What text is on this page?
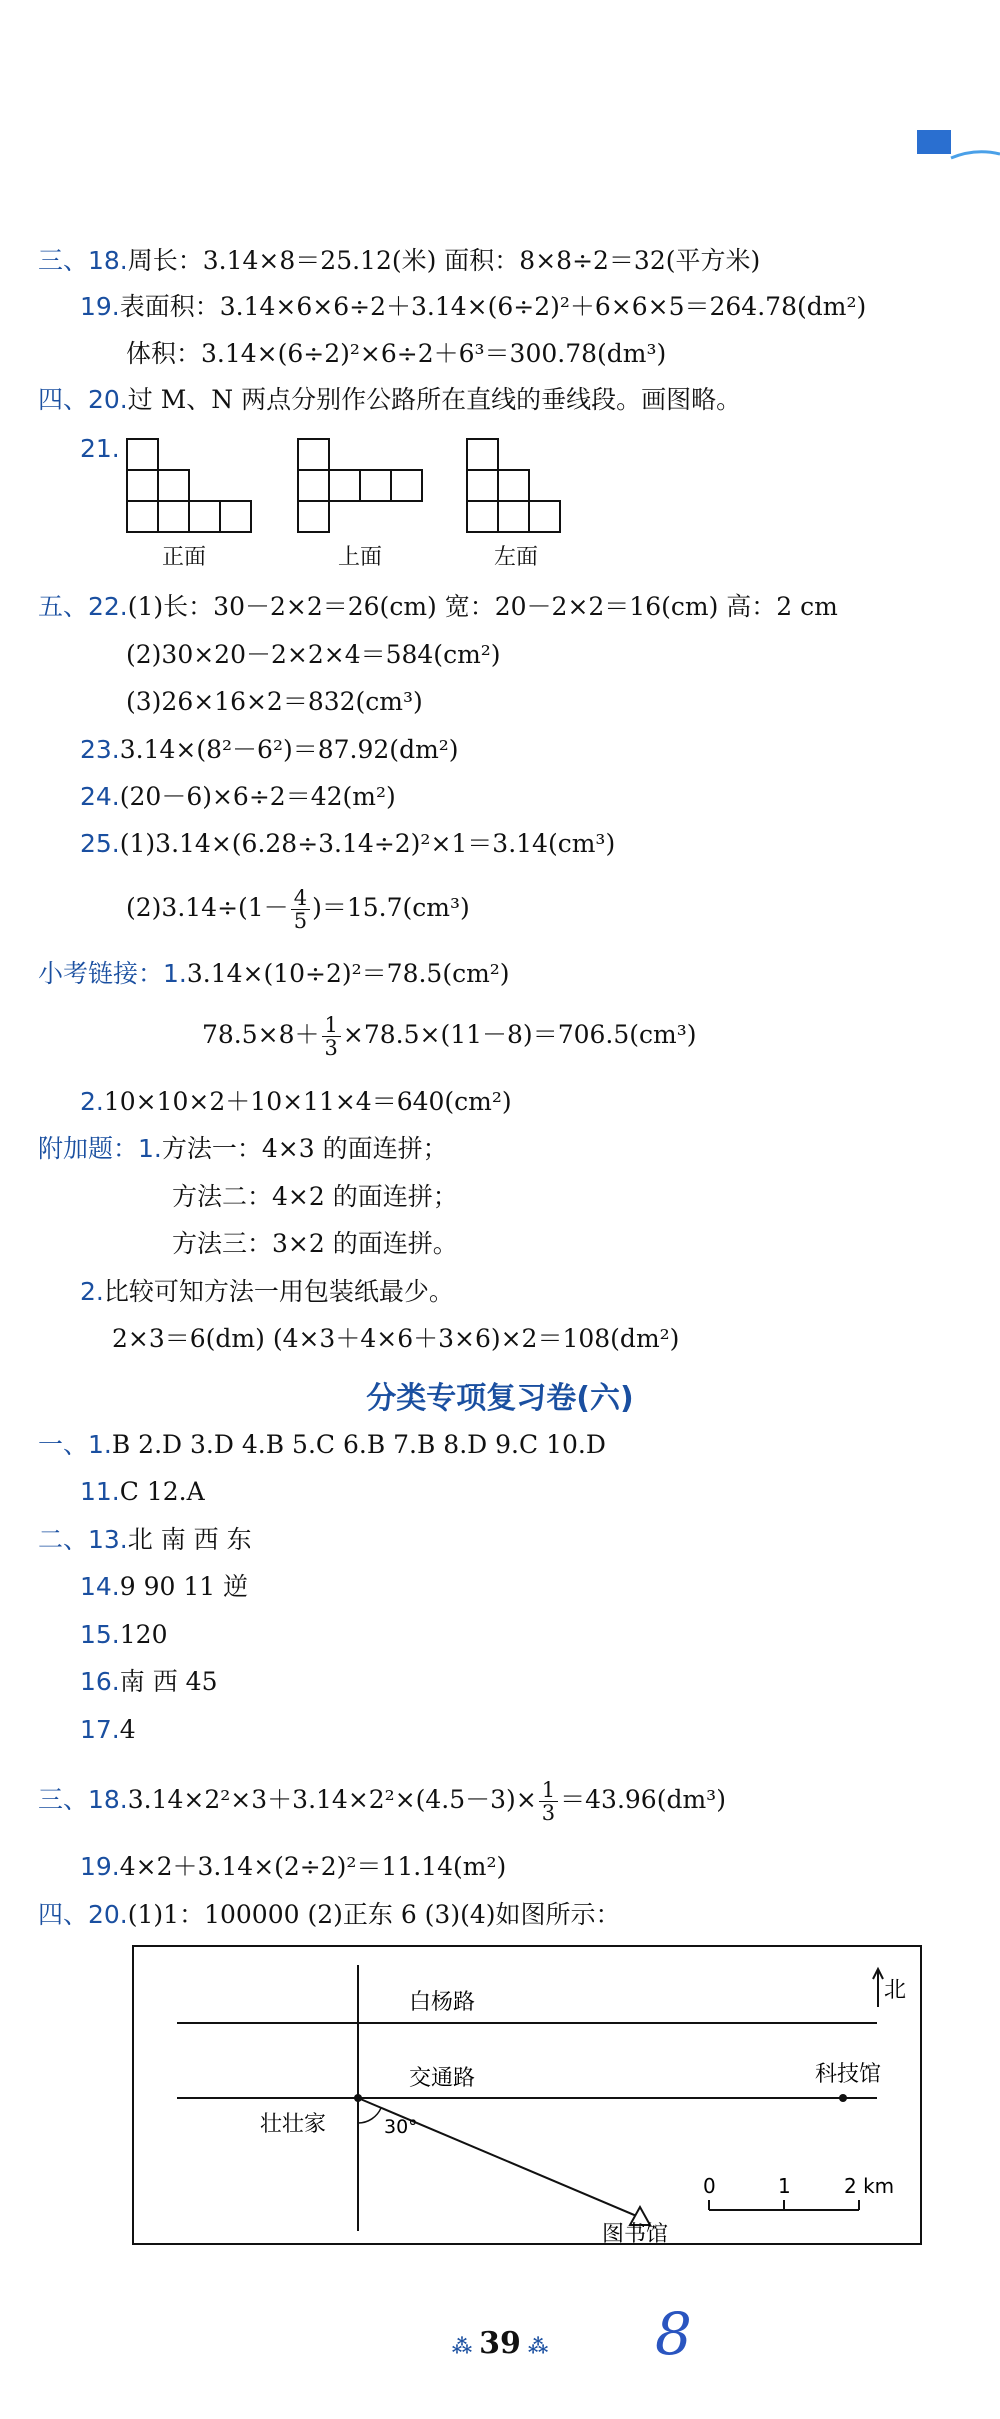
三、18.周长：3.14×8＝25.12(米) 面积：8×8÷2＝32(平方米)
19.表面积：3.14×6×6÷2＋3.14×(6÷2)²＋6×6×5＝264.78(dm²)
体积：3.14×(6÷2)²×6÷2＋6³＝300.78(dm³)
四、20.过 M、N 两点分别作公路所在直线的垂线段。画图略。
21.
正面	上面	左面
五、22.(1)长：30－2×2＝26(cm) 宽：20－2×2＝16(cm) 高：2 cm
(2)30×20－2×2×4＝584(cm²)
(3)26×16×2＝832(cm³)
23.3.14×(8²－6²)＝87.92(dm²)
24.(20－6)×6÷2＝42(m²)
25.(1)3.14×(6.28÷3.14÷2)²×1＝3.14(cm³)
$(2)3.14\div(1- \frac{4}{5} )=15.7(cm^3)$
小考链接：1.3.14×(10÷2)²＝78.5(cm²)
$78.5\times 8+ \frac{1}{3} \times 78.5\times(11-8)=706.5(cm^3)$
2.10×10×2＋10×11×4＝640(cm²)
附加题：1.方法一：4×3 的面连拼；
方法二：4×2 的面连拼；
方法三：3×2 的面连拼。
2.比较可知方法一用包装纸最少。
2×3＝6(dm) (4×3＋4×6＋3×6)×2＝108(dm²)
分类专项复习卷(六)
一、1.B 2.D 3.D 4.B 5.C 6.B 7.B 8.D 9.C 10.D
11.C 12.A
二、13.北 南 西 东
14.9 90 11 逆
15.120
16.南 西 45
17.4
三、$18.3.14\times 2^2\times 3+3.14\times 2^2\times(4.5-3)\times \frac{1}{3} =43.96(dm^3)$
19.4×2＋3.14×(2÷2)²＝11.14(m²)
四、20.(1)1：100000 (2)正东 6 (3)(4)如图所示：
白杨路
交通路
北
壮壮家
科技馆
30°
图书馆
0	1	2 km
⁂ 39 ⁂	8
